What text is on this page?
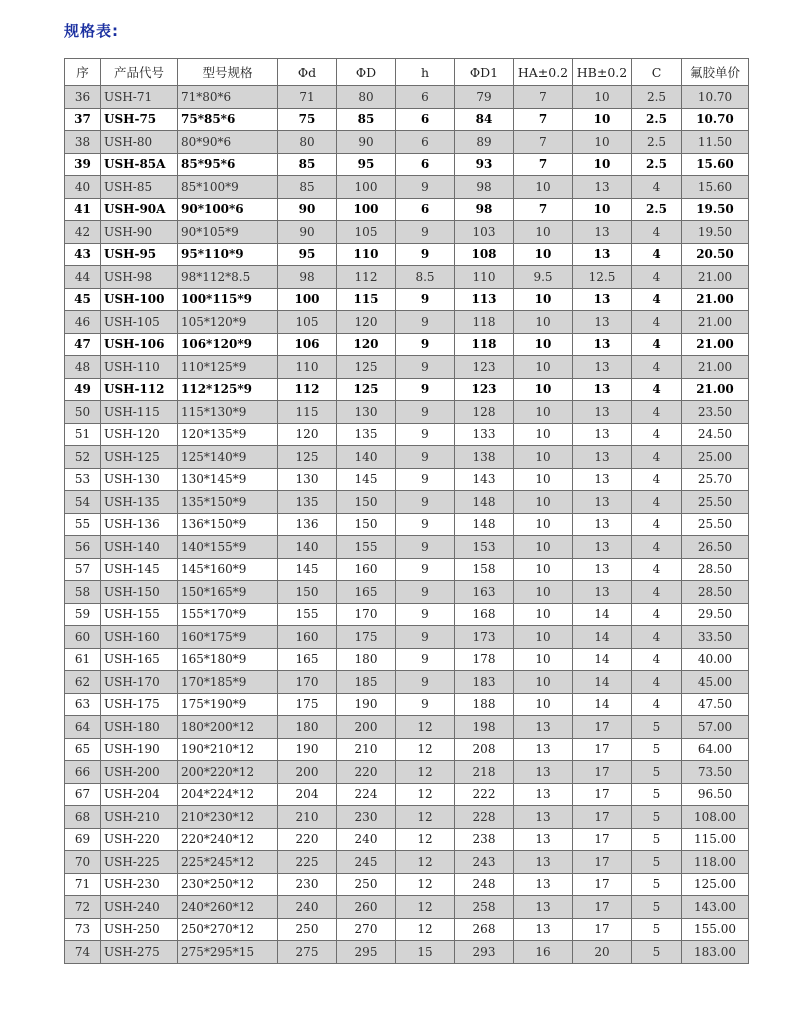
规格表:
序	产品代号	型号规格	Φd	ΦD	h	ΦD1	HA±0.2	HB±0.2	C	氟胶单价
36	USH-71	71*80*6	71	80	6	79	7	10	2.5	10.70
37	USH-75	75*85*6	75	85	6	84	7	10	2.5	10.70
38	USH-80	80*90*6	80	90	6	89	7	10	2.5	11.50
39	USH-85A	85*95*6	85	95	6	93	7	10	2.5	15.60
40	USH-85	85*100*9	85	100	9	98	10	13	4	15.60
41	USH-90A	90*100*6	90	100	6	98	7	10	2.5	19.50
42	USH-90	90*105*9	90	105	9	103	10	13	4	19.50
43	USH-95	95*110*9	95	110	9	108	10	13	4	20.50
44	USH-98	98*112*8.5	98	112	8.5	110	9.5	12.5	4	21.00
45	USH-100	100*115*9	100	115	9	113	10	13	4	21.00
46	USH-105	105*120*9	105	120	9	118	10	13	4	21.00
47	USH-106	106*120*9	106	120	9	118	10	13	4	21.00
48	USH-110	110*125*9	110	125	9	123	10	13	4	21.00
49	USH-112	112*125*9	112	125	9	123	10	13	4	21.00
50	USH-115	115*130*9	115	130	9	128	10	13	4	23.50
51	USH-120	120*135*9	120	135	9	133	10	13	4	24.50
52	USH-125	125*140*9	125	140	9	138	10	13	4	25.00
53	USH-130	130*145*9	130	145	9	143	10	13	4	25.70
54	USH-135	135*150*9	135	150	9	148	10	13	4	25.50
55	USH-136	136*150*9	136	150	9	148	10	13	4	25.50
56	USH-140	140*155*9	140	155	9	153	10	13	4	26.50
57	USH-145	145*160*9	145	160	9	158	10	13	4	28.50
58	USH-150	150*165*9	150	165	9	163	10	13	4	28.50
59	USH-155	155*170*9	155	170	9	168	10	14	4	29.50
60	USH-160	160*175*9	160	175	9	173	10	14	4	33.50
61	USH-165	165*180*9	165	180	9	178	10	14	4	40.00
62	USH-170	170*185*9	170	185	9	183	10	14	4	45.00
63	USH-175	175*190*9	175	190	9	188	10	14	4	47.50
64	USH-180	180*200*12	180	200	12	198	13	17	5	57.00
65	USH-190	190*210*12	190	210	12	208	13	17	5	64.00
66	USH-200	200*220*12	200	220	12	218	13	17	5	73.50
67	USH-204	204*224*12	204	224	12	222	13	17	5	96.50
68	USH-210	210*230*12	210	230	12	228	13	17	5	108.00
69	USH-220	220*240*12	220	240	12	238	13	17	5	115.00
70	USH-225	225*245*12	225	245	12	243	13	17	5	118.00
71	USH-230	230*250*12	230	250	12	248	13	17	5	125.00
72	USH-240	240*260*12	240	260	12	258	13	17	5	143.00
73	USH-250	250*270*12	250	270	12	268	13	17	5	155.00
74	USH-275	275*295*15	275	295	15	293	16	20	5	183.00
